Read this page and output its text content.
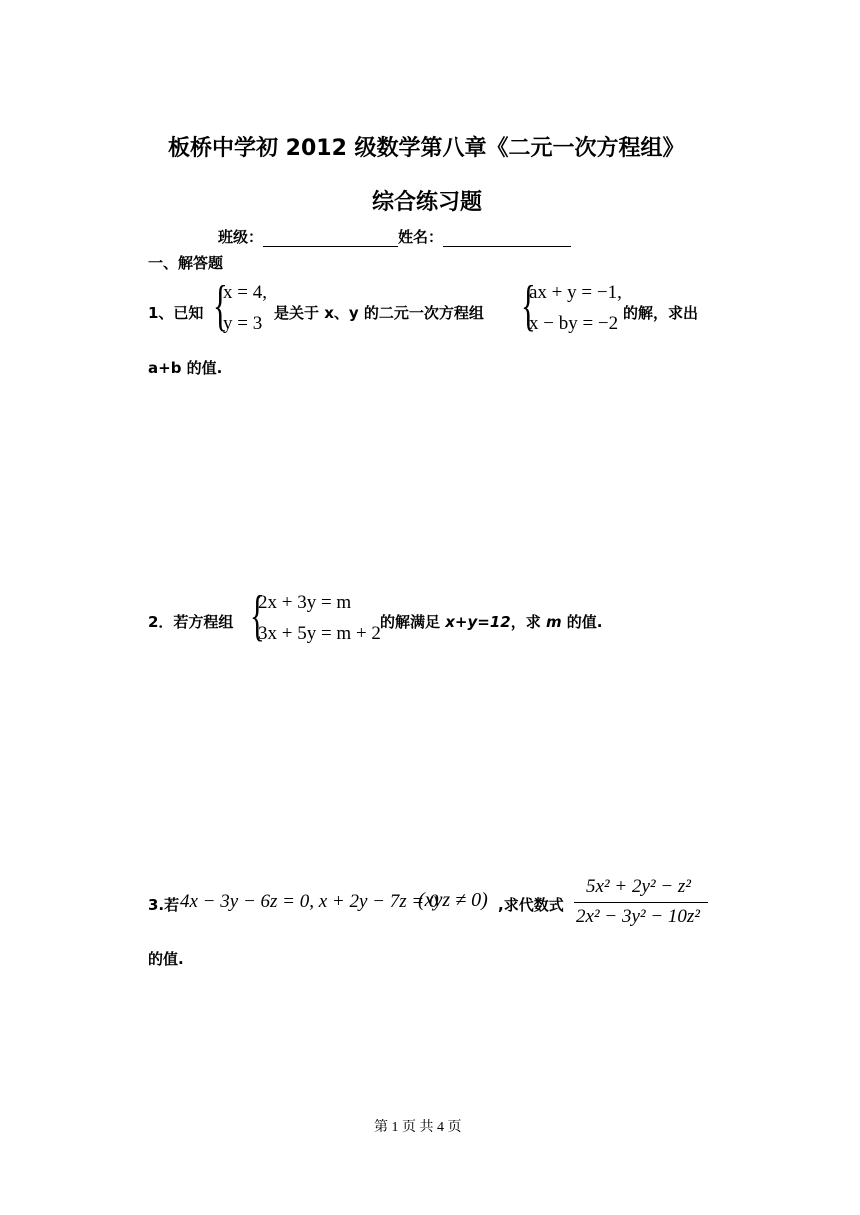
板桥中学初 2012 级数学第八章《二元一次方程组》
综合练习题
班级：	姓名：
一、解答题
1、已知 {
x = 4,
y = 3 是关于 x、y 的二元一次方程组 {
ax + y = −1,
x − by = −2 的解，求出
a+b 的值.
2．若方程组 {
2x + 3y = m
3x + 5y = m + 2
的解满足 x+y=12，求 m 的值.
3.若 4x − 3y − 6z = 0, x + 2y − 7z = 0
(xyz ≠ 0) ,求代数式
5x² + 2y² − z²
2x² − 3y² − 10z²
的值.
第 1 页 共 4 页
